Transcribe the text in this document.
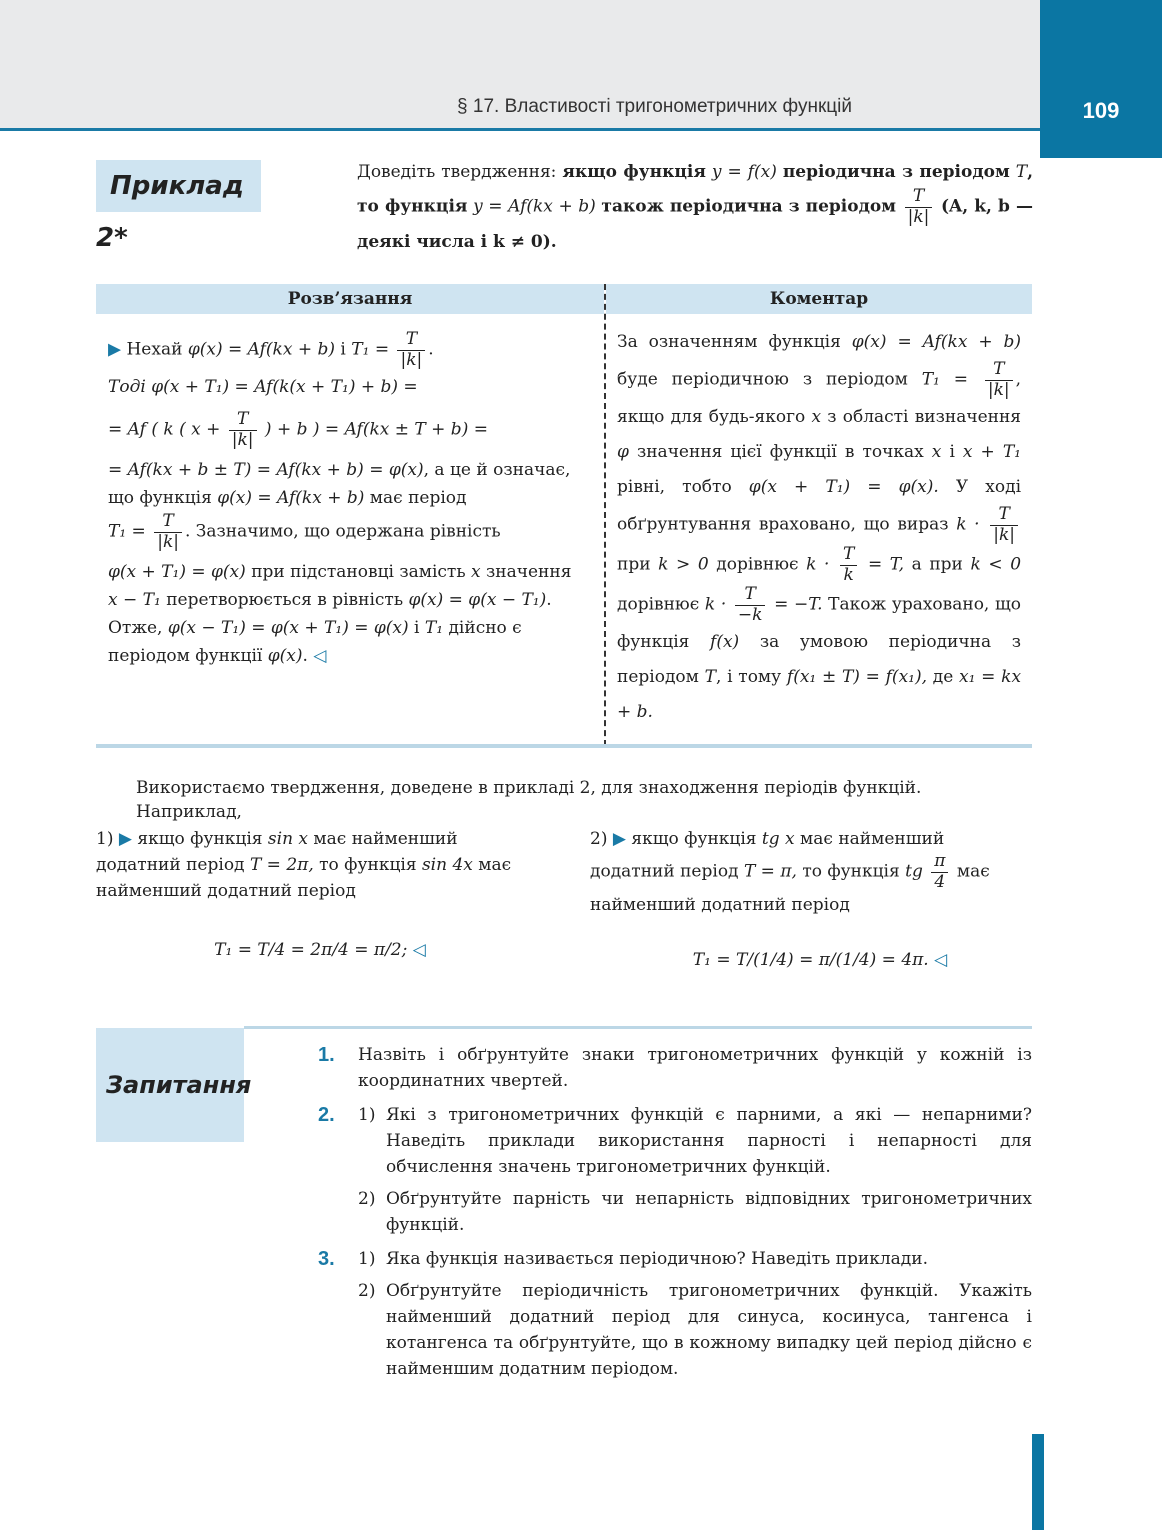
§ 17. Властивості тригонометричних функцій	109
Приклад 2*
Доведіть твердження: якщо функція y = f(x) періодична з періодом T, то функція y = Af(kx + b) також періодична з періодом $\frac{T}{|k|} (A$, k, b — деякі числа і k ≠ 0).
Розв’язання	Коментар
▶ Нехай φ(x) = Af(kx + b) і $T_1 = \frac{T}{|k|}$ .
Тоді φ(x + T₁) = Af(k(x + T₁) + b) =
= Af ( k ( $x + \frac{T}{|k|}$ ) + b ) = Af(kx ± T + b) =
= Af(kx + b ± T) = Af(kx + b) = φ(x), а це й означає, що функція φ(x) = Af(kx + b) має період
$T_1 = \frac{T}{|k|}$ . Зазначимо, що одержана рівність
φ(x + T₁) = φ(x) при підстановці замість x значення x − T₁ перетворюється в рівність φ(x) = φ(x − T₁). Отже, φ(x − T₁) = φ(x + T₁) = φ(x) і T₁ дійсно є періодом функції φ(x). ◁
За означенням функція φ(x) = Af(kx + b) буде періодичною з періодом $T_1 = \frac{T}{|k|}$ , якщо для будь-якого x з області визначення φ значення цієї функції в точках x і x + T₁ рівні, тобто φ(x + T₁) = φ(x). У ході обґрунтування враховано, що вираз $k \cdot \frac{T}{|k|}$
при k > 0 дорівнює $k \cdot \frac{T}{k} = T$, а при k < 0 дорівнює $k \cdot \frac{T}{-k} = -T$. Також ураховано, що функція f(x) за умовою періодична з періодом T, і тому f(x₁ ± T) = f(x₁), де x₁ = kx + b.
Використаємо твердження, доведене в прикладі 2, для знаходження періодів функцій. Наприклад,
1) ▶ якщо функція sin x має найменший додатний період T = 2π, то функція sin 4x має найменший додатний період
T₁ = T/4 = 2π/4 = π/2; ◁
2) ▶ якщо функція tg x має найменший додатний період T = π, то функція tg $\frac{\pi}{4}$ має найменший додатний період
T₁ = T/(1/4) = π/(1/4) = 4π. ◁
Запитання
1. Назвіть і обґрунтуйте знаки тригонометричних функцій у кожній із координатних чвертей.
2. 1) Які з тригонометричних функцій є парними, а які — непарними? Наведіть приклади використання парності і непарності для обчислення значень тригонометричних функцій.
2) Обґрунтуйте парність чи непарність відповідних тригонометричних функцій.
3. 1) Яка функція називається періодичною? Наведіть приклади.
2) Обґрунтуйте періодичність тригонометричних функцій. Укажіть найменший додатний період для синуса, косинуса, тангенса і котангенса та обґрунтуйте, що в кожному випадку цей період дійсно є найменшим додатним періодом.
